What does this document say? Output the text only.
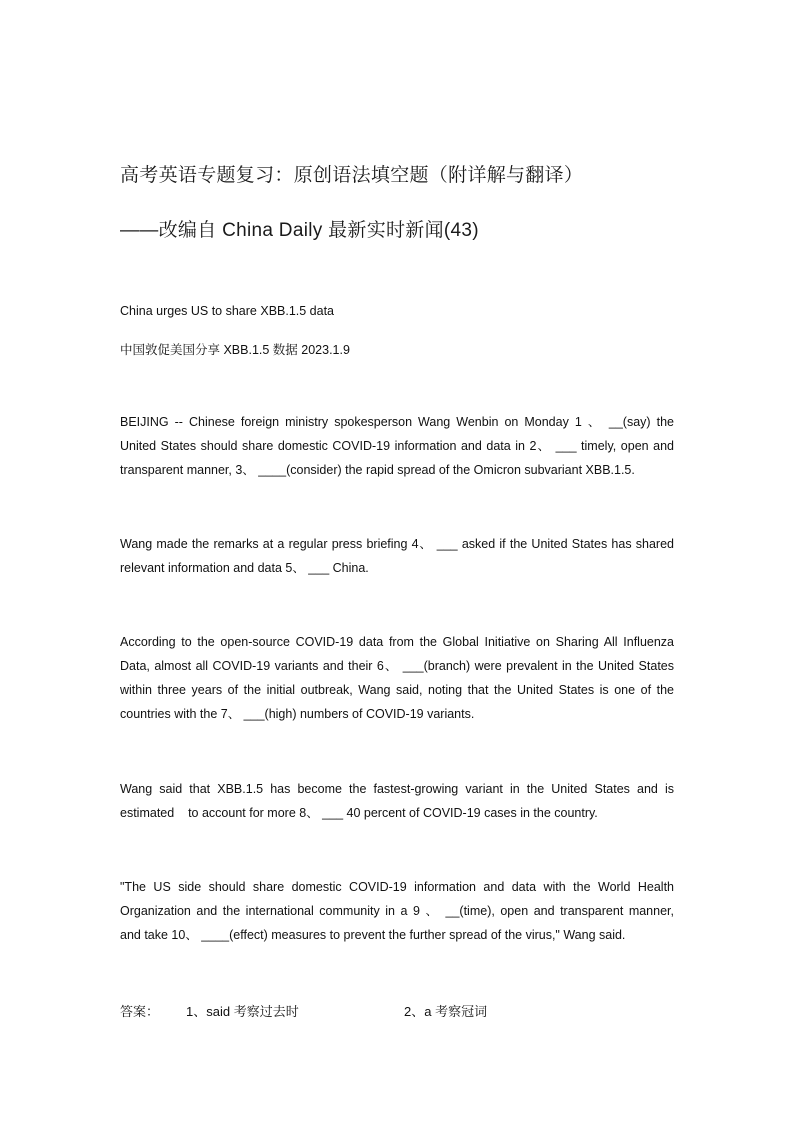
高考英语专题复习：原创语法填空题（附详解与翻译）
——改编自 China Daily 最新实时新闻(43)
China urges US to share XBB.1.5 data
中国敦促美国分享 XBB.1.5 数据 2023.1.9
BEIJING -- Chinese foreign ministry spokesperson Wang Wenbin on Monday 1 、 __(say) the
United States should share domestic COVID-19 information and data in 2、 ___ timely, open and
transparent manner, 3、 ____(consider) the rapid spread of the Omicron subvariant XBB.1.5.
Wang made the remarks at a regular press briefing 4、 ___ asked if the United States has shared
relevant information and data 5、 ___ China.
According to the open-source COVID-19 data from the Global Initiative on Sharing All Influenza
Data, almost all COVID-19 variants and their 6、 ___(branch) were prevalent in the United States
within three years of the initial outbreak, Wang said, noting that the United States is one of the
countries with the 7、 ___(high) numbers of COVID-19 variants.
Wang said that XBB.1.5 has become the fastest-growing variant in the United States and is
estimated    to account for more 8、 ___ 40 percent of COVID-19 cases in the country.
"The US side should share domestic COVID-19 information and data with the World Health
Organization and the international community in a 9 、 __(time), open and transparent manner,
and take 10、 ____(effect) measures to prevent the further spread of the virus," Wang said.
答案： 1、said 考察过去时	2、a 考察冠词
